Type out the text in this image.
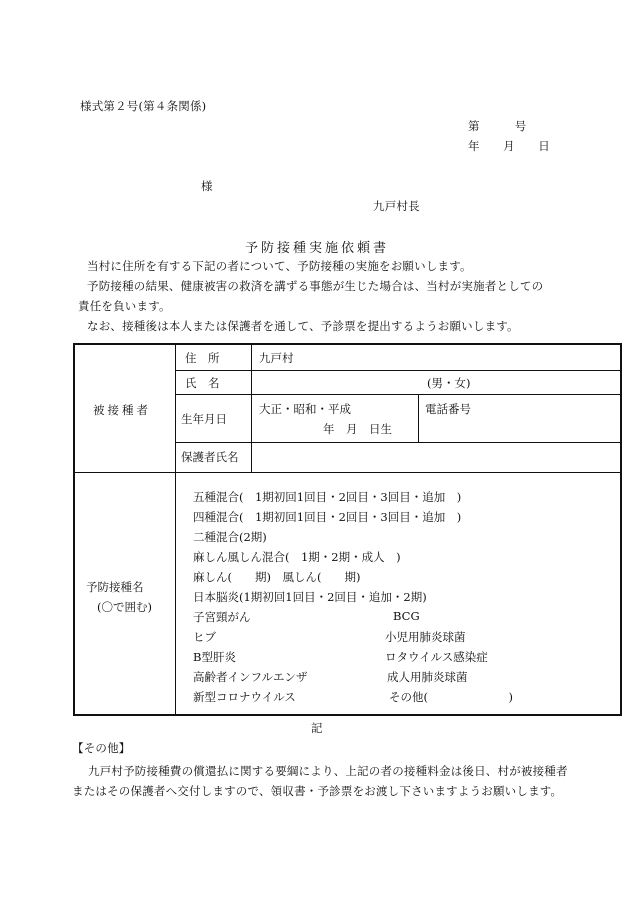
様式第２号(第４条関係)
第　　　号
年　　月　　日
様
九戸村長
予防接種実施依頼書
当村に住所を有する下記の者について、予防接種の実施をお願いします。
予防接種の結果、健康被害の救済を講ずる事態が生じた場合は、当村が実施者としての
責任を負います。
なお、接種後は本人または保護者を通して、予診票を提出するようお願いします。
被接種者
予防接種名
(〇で囲む)
住　所
氏　名
生年月日
保護者氏名
九戸村
(男・女)
大正・昭和・平成
年　月　日生
電話番号
五種混合(　1期初回1回目・2回目・3回目・追加　)
四種混合(　1期初回1回目・2回目・3回目・追加　)
二種混合(2期)
麻しん風しん混合(　1期・2期・成人　)
麻しん(　　期)　風しん(　　期)
日本脳炎(1期初回1回目・2回目・追加・2期)
子宮頸がん
ヒブ
B型肝炎
高齢者インフルエンザ
新型コロナウイルス
BCG
小児用肺炎球菌
ロタウイルス感染症
成人用肺炎球菌
その他(　　　　　　　)
記
【その他】
九戸村予防接種費の償還払に関する要綱により、上記の者の接種料金は後日、村が被接種者
またはその保護者へ交付しますので、領収書・予診票をお渡し下さいますようお願いします。
